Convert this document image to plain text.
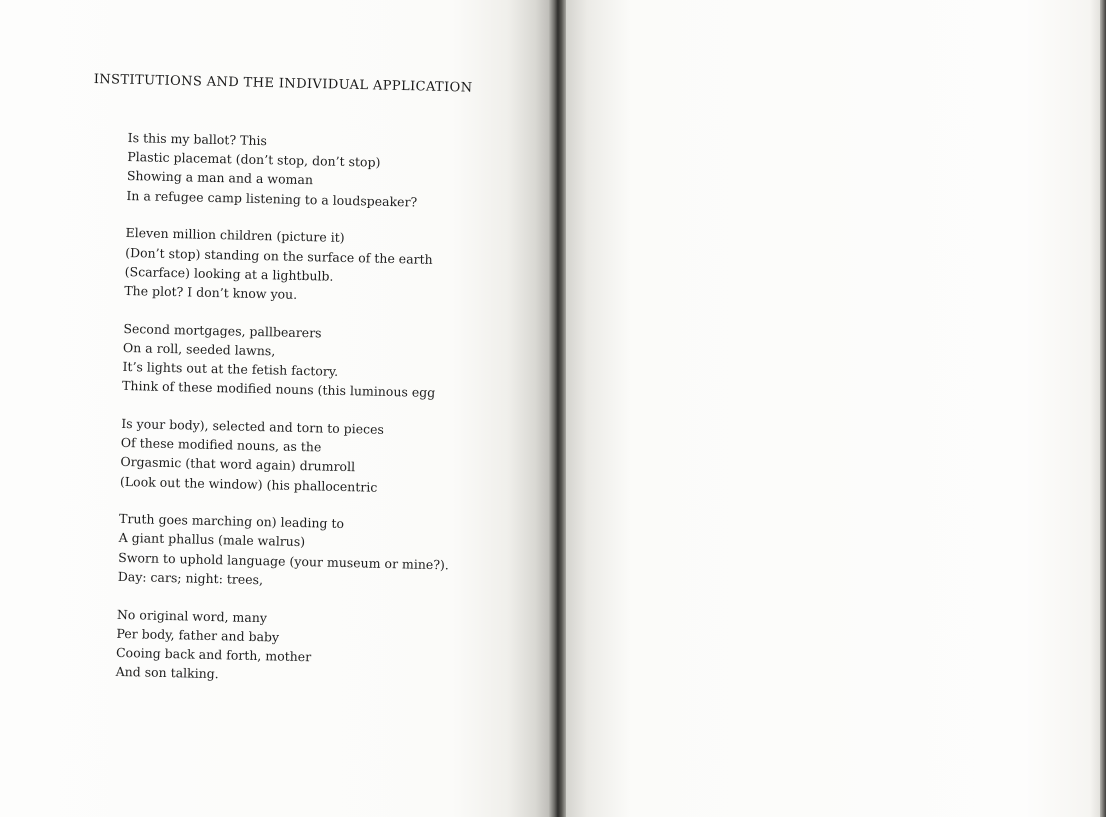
INSTITUTIONS AND THE INDIVIDUAL APPLICATION
Is this my ballot? This
Plastic placemat (don’t stop, don’t stop)
Showing a man and a woman
In a refugee camp listening to a loudspeaker?
Eleven million children (picture it)
(Don’t stop) standing on the surface of the earth
(Scarface) looking at a lightbulb.
The plot? I don’t know you.
Second mortgages, pallbearers
On a roll, seeded lawns,
It’s lights out at the fetish factory.
Think of these modified nouns (this luminous egg
Is your body), selected and torn to pieces
Of these modified nouns, as the
Orgasmic (that word again) drumroll
(Look out the window) (his phallocentric
Truth goes marching on) leading to
A giant phallus (male walrus)
Sworn to uphold language (your museum or mine?).
Day: cars; night: trees,
No original word, many
Per body, father and baby
Cooing back and forth, mother
And son talking.
